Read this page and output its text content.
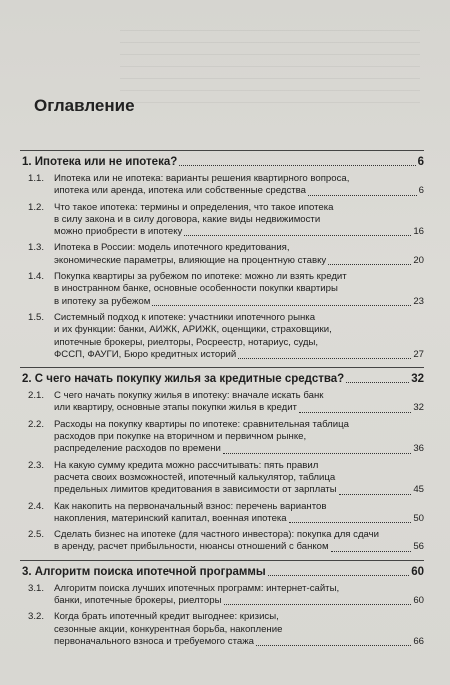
Оглавление
1. Ипотека или не ипотека?	6
1.1.	Ипотека или не ипотека: варианты решения квартирного вопроса,
ипотека или аренда, ипотека или собственные средства	6
1.2.	Что такое ипотека: термины и определения, что такое ипотека
в силу закона и в силу договора, какие виды недвижимости
можно приобрести в ипотеку	16
1.3.	Ипотека в России: модель ипотечного кредитования,
экономические параметры, влияющие на процентную ставку	20
1.4.	Покупка квартиры за рубежом по ипотеке: можно ли взять кредит
в иностранном банке, основные особенности покупки квартиры
в ипотеку за рубежом	23
1.5.	Системный подход к ипотеке: участники ипотечного рынка
и их функции: банки, АИЖК, АРИЖК, оценщики, страховщики,
ипотечные брокеры, риелторы, Росреестр, нотариус, суды,
ФССП, ФАУГИ, Бюро кредитных историй	27
2. С чего начать покупку жилья за кредитные средства?	32
2.1.	С чего начать покупку жилья в ипотеку: вначале искать банк
или квартиру, основные этапы покупки жилья в кредит	32
2.2.	Расходы на покупку квартиры по ипотеке: сравнительная таблица
расходов при покупке на вторичном и первичном рынке,
распределение расходов по времени	36
2.3.	На какую сумму кредита можно рассчитывать: пять правил
расчета своих возможностей, ипотечный калькулятор, таблица
предельных лимитов кредитования в зависимости от зарплаты	45
2.4.	Как накопить на первоначальный взнос: перечень вариантов
накопления, материнский капитал, военная ипотека	50
2.5.	Сделать бизнес на ипотеке (для частного инвестора): покупка для сдачи
в аренду, расчет прибыльности, нюансы отношений с банком	56
3. Алгоритм поиска ипотечной программы	60
3.1.	Алгоритм поиска лучших ипотечных программ: интернет-сайты,
банки, ипотечные брокеры, риелторы	60
3.2.	Когда брать ипотечный кредит выгоднее: кризисы,
сезонные акции, конкурентная борьба, накопление
первоначального взноса и требуемого стажа	66
